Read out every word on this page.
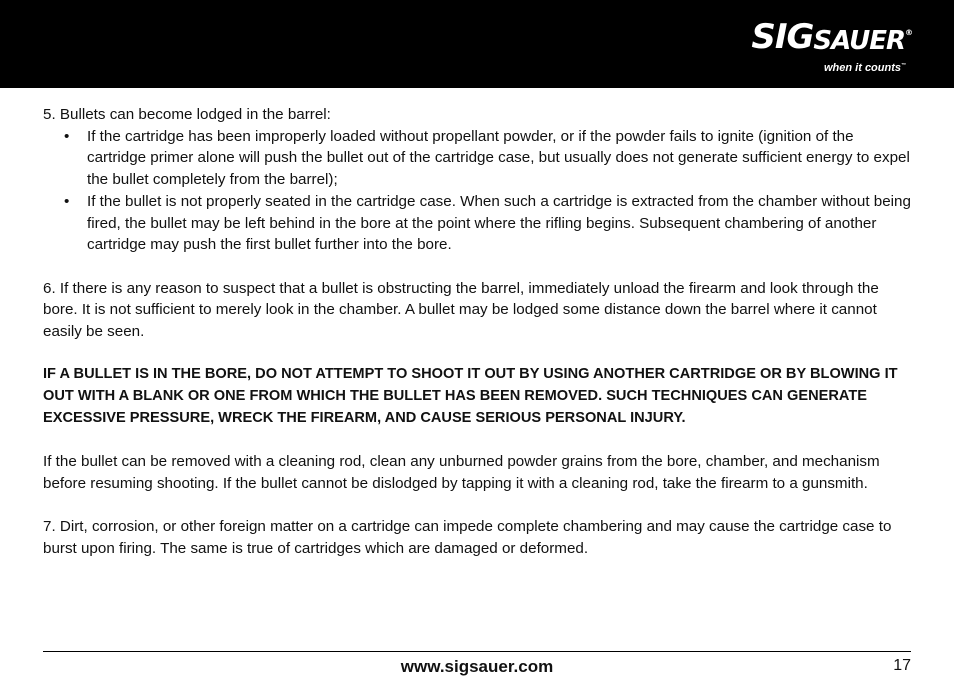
SIGSAUER®
when it counts™

5. Bullets can become lodged in the barrel:

• If the cartridge has been improperly loaded without propellant powder, or if the powder fails to ignite (ignition of the cartridge primer alone will push the bullet out of the cartridge case, but usually does not generate sufficient energy to expel the bullet completely from the barrel);
• If the bullet is not properly seated in the cartridge case. When such a cartridge is extracted from the chamber without being fired, the bullet may be left behind in the bore at the point where the rifling begins. Subsequent chambering of another cartridge may push the first bullet further into the bore.

6. If there is any reason to suspect that a bullet is obstructing the barrel, immediately unload the firearm and look through the bore. It is not sufficient to merely look in the chamber. A bullet may be lodged some distance down the barrel where it cannot easily be seen.

IF A BULLET IS IN THE BORE, DO NOT ATTEMPT TO SHOOT IT OUT BY USING ANOTHER CARTRIDGE OR BY BLOWING IT OUT WITH A BLANK OR ONE FROM WHICH THE BULLET HAS BEEN REMOVED. SUCH TECHNIQUES CAN GENERATE EXCESSIVE PRESSURE, WRECK THE FIREARM, AND CAUSE SERIOUS PERSONAL INJURY.

If the bullet can be removed with a cleaning rod, clean any unburned powder grains from the bore, chamber, and mechanism before resuming shooting. If the bullet cannot be dislodged by tapping it with a cleaning rod, take the firearm to a gunsmith.

7. Dirt, corrosion, or other foreign matter on a cartridge can impede complete chambering and may cause the cartridge case to burst upon firing. The same is true of cartridges which are damaged or deformed.

www.sigsauer.com	17
